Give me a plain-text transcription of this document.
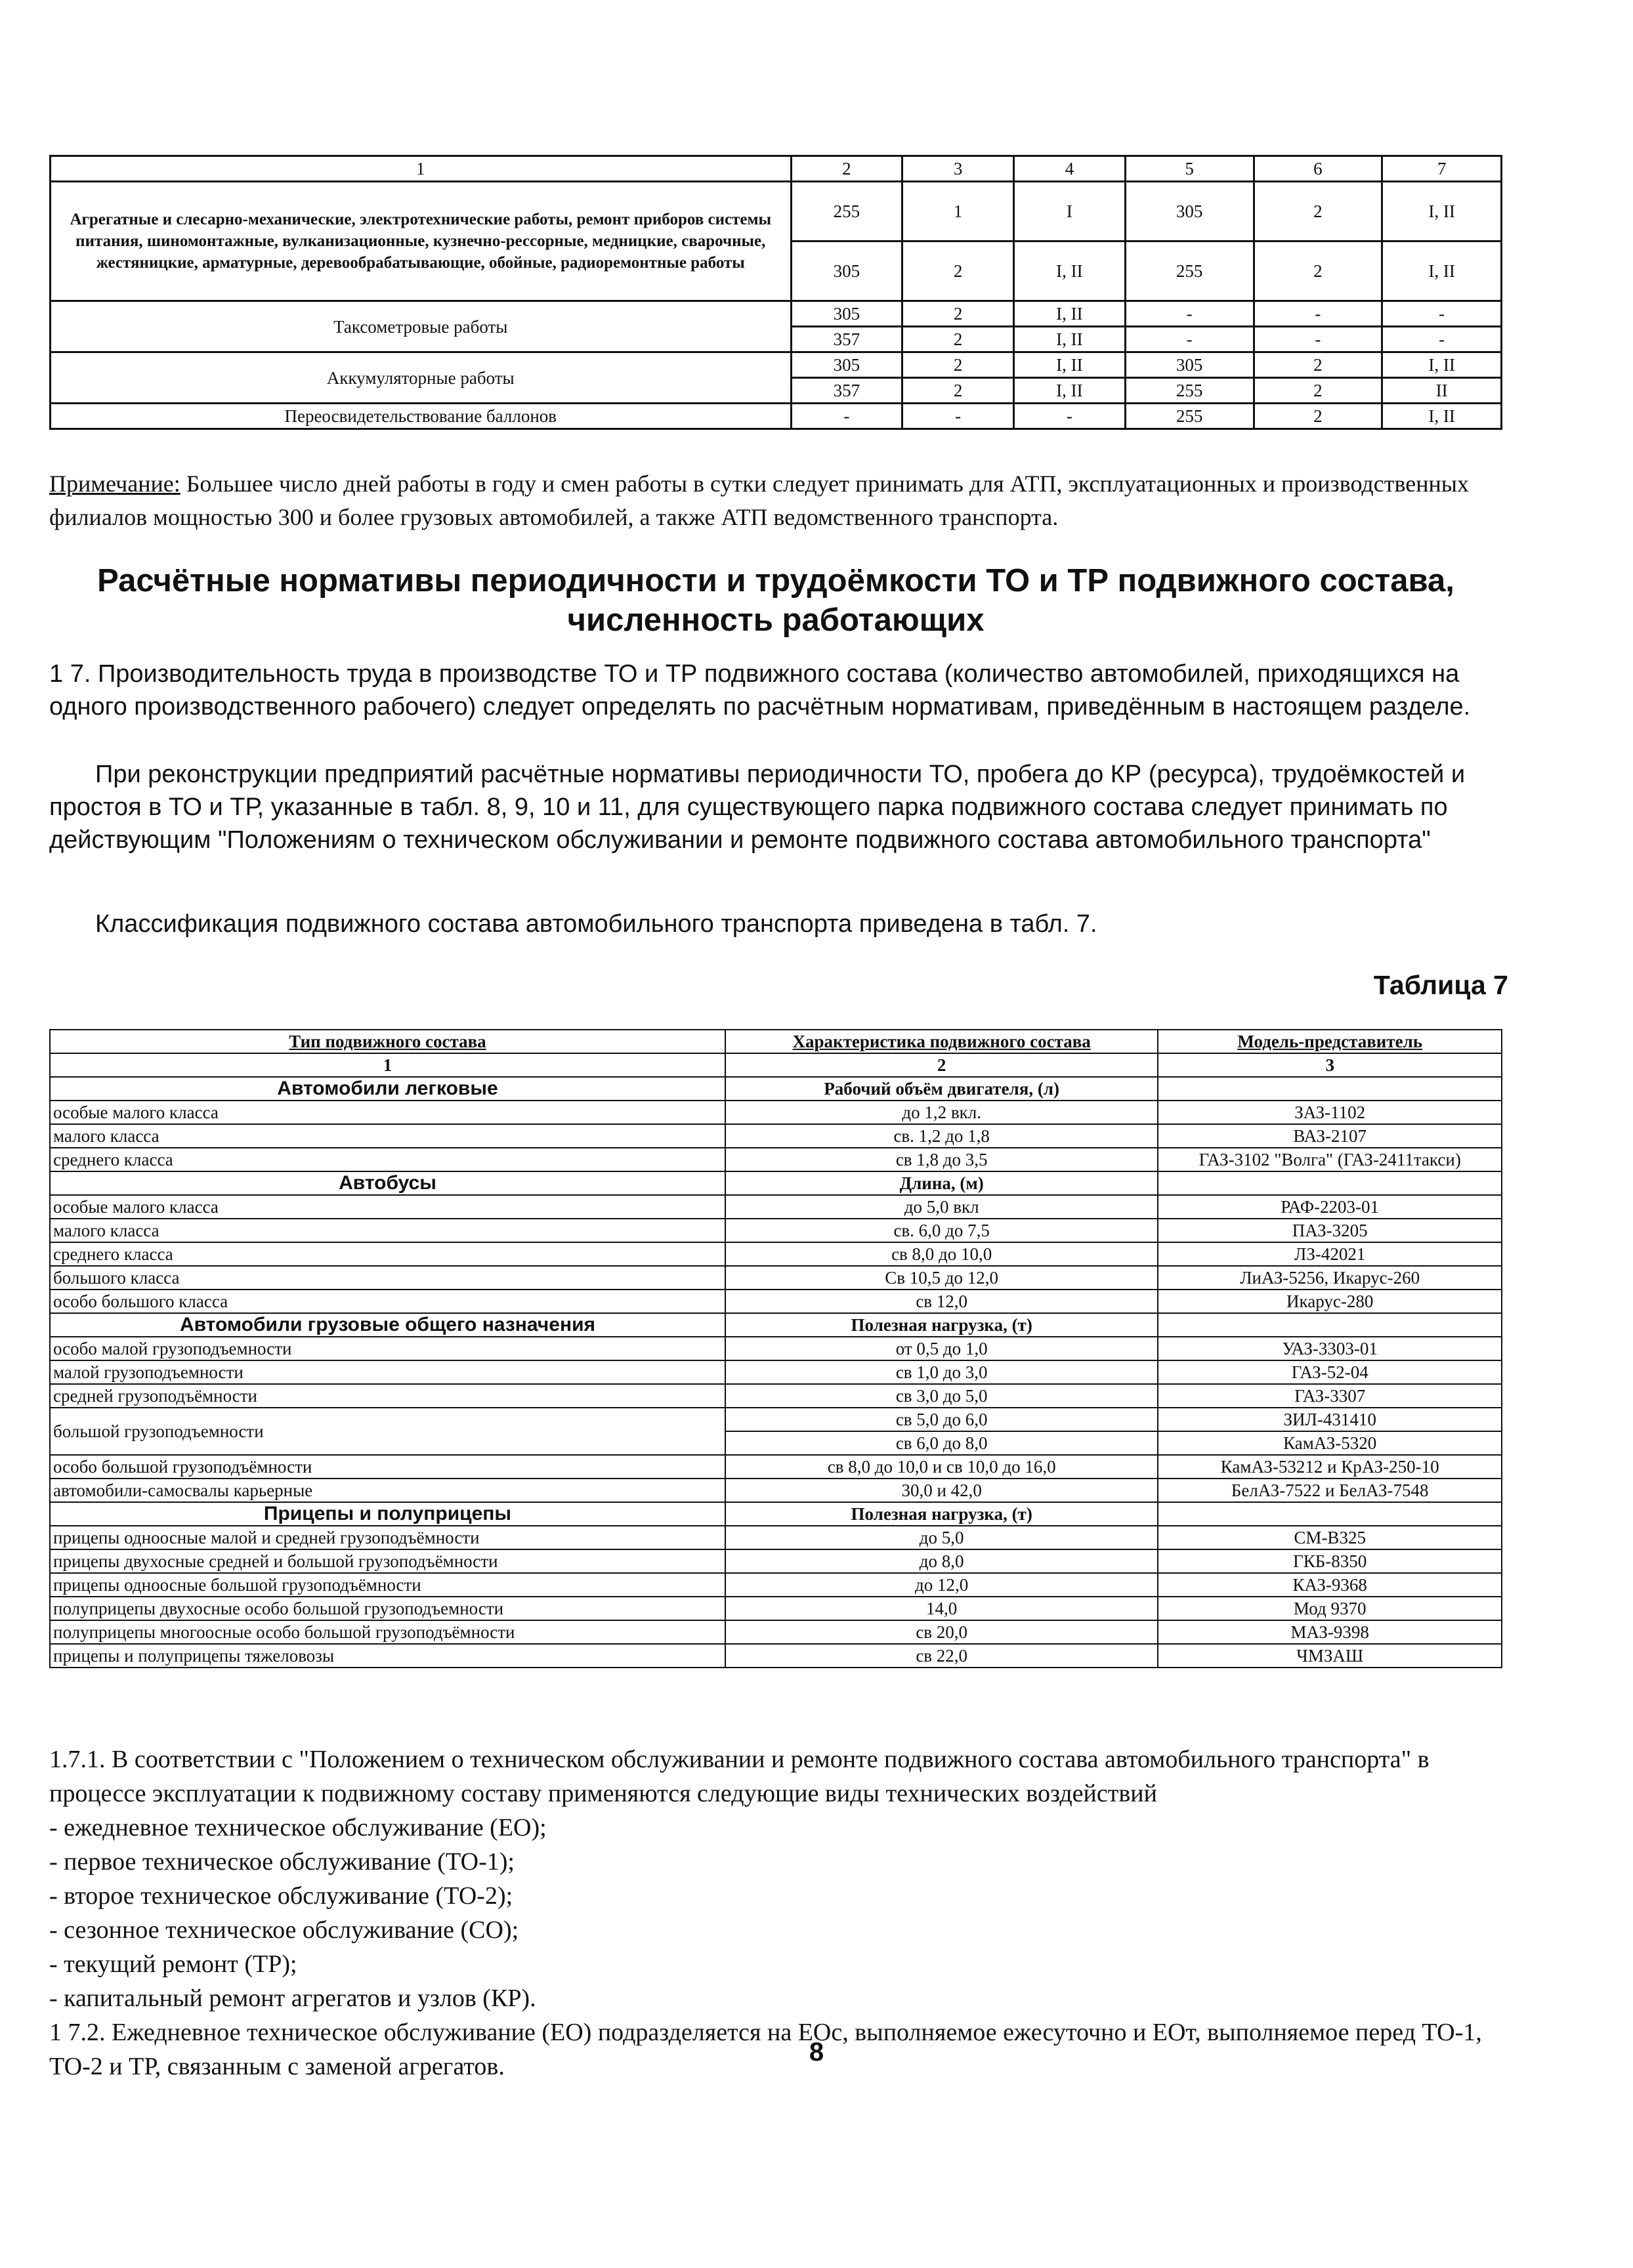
1	2	3	4	5	6	7
Агрегатные и слесарно-механические, электротехнические работы, ремонт приборов системы питания, шиномонтажные, вулканизационные, кузнечно-рессорные, медницкие, сварочные, жестяницкие, арматурные, деревообрабатывающие, обойные, радиоремонтные работы	255	1	I	305	2	I, II
	305	2	I, II	255	2	I, II
Таксометровые работы	305	2	I, II	-	-	-
	357	2	I, II	-	-	-
Аккумуляторные работы	305	2	I, II	305	2	I, II
	357	2	I, II	255	2	II
Переосвидетельствование баллонов	-	-	-	255	2	I, II
Примечание: Большее число дней работы в году и смен работы в сутки следует принимать для АТП, эксплуатационных и производственных филиалов мощностью 300 и более грузовых автомобилей, а также АТП ведомственного транспорта.
Расчётные нормативы периодичности и трудоёмкости ТО и ТР подвижного состава, численность работающих
1 7. Производительность труда в производстве ТО и ТР подвижного состава (количество автомобилей, приходящихся на одного производственного рабочего) следует определять по расчётным нормативам, приведённым в настоящем разделе.
При реконструкции предприятий расчётные нормативы периодичности ТО, пробега до КР (ресурса), трудоёмкостей и простоя в ТО и ТР, указанные в табл. 8, 9, 10 и 11, для существующего парка подвижного состава следует принимать по действующим "Положениям о техническом обслуживании и ремонте подвижного состава автомобильного транспорта"
Классификация подвижного состава автомобильного транспорта приведена в табл. 7.
Таблица 7
Тип подвижного состава	Характеристика подвижного состава	Модель-представитель
1	2	3
Автомобили легковые	Рабочий объём двигателя, (л)	
особые малого класса	до 1,2 вкл.	ЗАЗ-1102
малого класса	св. 1,2 до 1,8	ВАЗ-2107
среднего класса	св 1,8 до 3,5	ГАЗ-3102 "Волга" (ГАЗ-2411такси)
Автобусы	Длина, (м)	
особые малого класса	до 5,0 вкл	РАФ-2203-01
малого класса	св. 6,0 до 7,5	ПАЗ-3205
среднего класса	св 8,0 до 10,0	ЛЗ-42021
большого класса	Св 10,5 до 12,0	ЛиАЗ-5256, Икарус-260
особо большого класса	св 12,0	Икарус-280
Автомобили грузовые общего назначения	Полезная нагрузка, (т)	
особо малой грузоподъемности	от 0,5 до 1,0	УАЗ-3303-01
малой грузоподъемности	св 1,0 до 3,0	ГАЗ-52-04
средней грузоподъёмности	св 3,0 до 5,0	ГАЗ-3307
большой грузоподъемности	св 5,0 до 6,0	ЗИЛ-431410
	св 6,0 до 8,0	КамАЗ-5320
особо большой грузоподъёмности	св 8,0 до 10,0 и св 10,0 до 16,0	КамАЗ-53212 и КрАЗ-250-10
автомобили-самосвалы карьерные	30,0 и 42,0	БелАЗ-7522 и БелАЗ-7548
Прицепы и полуприцепы	Полезная нагрузка, (т)	
прицепы одноосные малой и средней грузоподъёмности	до 5,0	СМ-В325
прицепы двухосные средней и большой грузоподъёмности	до 8,0	ГКБ-8350
прицепы одноосные большой грузоподъёмности	до 12,0	КАЗ-9368
полуприцепы двухосные особо большой грузоподъемности	14,0	Мод 9370
полуприцепы многоосные особо большой грузоподъёмности	св 20,0	МАЗ-9398
прицепы и полуприцепы тяжеловозы	св 22,0	ЧМЗАШ
1.7.1. В соответствии с "Положением о техническом обслуживании и ремонте подвижного состава автомобильного транспорта" в процессе эксплуатации к подвижному составу применяются следующие виды технических воздействий
- ежедневное техническое обслуживание (ЕО);
- первое техническое обслуживание (ТО-1);
- второе техническое обслуживание (ТО-2);
- сезонное техническое обслуживание (СО);
- текущий ремонт (ТР);
- капитальный ремонт агрегатов и узлов (КР).
1 7.2. Ежедневное техническое обслуживание (ЕО) подразделяется на ЕОс, выполняемое ежесуточно и ЕОт, выполняемое перед ТО-1, ТО-2 и ТР, связанным с заменой агрегатов.	8
